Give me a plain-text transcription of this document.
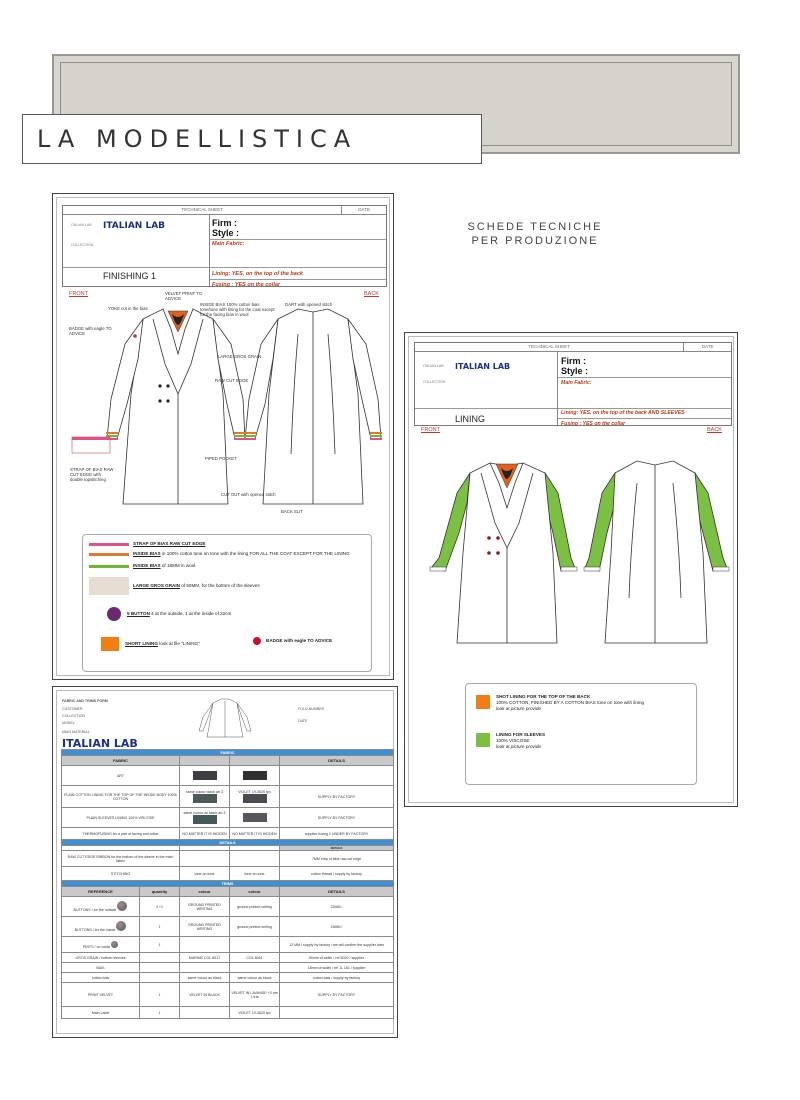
LA MODELLISTICA
SCHEDE TECNICHE
PER PRODUZIONE
TECHNICAL SHEET	DATE
ITALIAN LAB ITALIAN LAB
COLLECTION
FINISHING 1
Firm :
Style :
Main Fabric:
Lining: YES, on the top of the back
Fusing : YES on the collar
FRONT	BACK
YOKE cut in the bias
BADGE with eagle TO ADVICE
VELVET PRINT TO ADVICE
INSIDE BIAS 100% cotton bias tone/tone with lining for the coat except for the facing bias in wool
DART with opened stitch
LARGE GROS GRAIN
RAW CUT EDGE
PIPED POCKET
STRAP OF BIAS RAW CUT EDGE with double topstitching
CUT OUT with opened stitch
BACK SLIT
STRAP OF BIAS RAW CUT EDGE
INSIDE BIAS in 100% cotton tone on tone with the lining FOR ALL THE COAT EXCEPT FOR THE LINING
INSIDE BIAS of 18MM in wool
LARGE GROS GRAIN of 50MM, for the bottom of the sleeves
5 BUTTON 4 at the outside, 1 at the inside of 22cm
SHORT LINING look at file "LINING"
BADGE with eagle TO ADVICE
TECHNICAL SHEET	DATE
ITALIAN LAB ITALIAN LAB
COLLECTION
LINING
Firm :
Style :
Main Fabric:
Lining: YES, on the top of the back AND SLEEVES
Fusing : YES on the collar
FRONT	BACK
SHOT LINING FOR THE TOP OF THE BACK
100% COTTON, FINISHED BY A COTTON BIAS tone on tone with lining
look at picture provide
LINING FOR SLEEVES
100% VISCOSE
look at picture provide
FABRIC AND TRIMS FORM
CUSTOMER
COLLECTION
MODEL
MAIN MATERIAL
FOLD NUMBER
DATE
ITALIAN LAB
FABRIC				
FABRIC				DETAILS
ART				
PLAIN COTTON LINING FOR THE TOP OF THE INSIDE BODY 100% COTTON		same colour black art 3	VIOLET 19-3620 tpx	SUPPLY BY FACTORY
PLAIN SLEEVES LINING 100% VISCOSE		same colour as black art 3		SUPPLY BY FACTORY
THERMOFUSING for a part of facing and collar		NO MATTER IT IS HIDDEN	NO MATTER IT IS HIDDEN	supplier fusing 1 UNDER BY FACTORY
DETAILS				
				DETAILS
RAW CUT EDGE RIBBON for the bottom of the sleeve in the main fabric				7MM strip of blue raw cut edge
STITCHING		tone on tone	tone on tone	cotton thread / supply by factory
TRIMS				
REFERENCE	quantity	colour	colour	DETAILS
BUTTONS / for the outside	4 +1	GROUND PRINTED WRITING	ground printed writing	22MM /
BUTTONS / for the inside	1	GROUND PRINTED WRITING	ground printed writing	15MM /
PINTS / on collar	1			12 MM / supply by factory / we will confirm the supplier later
GROS GRAIN / bottom sleeves		MARINE COL 8017	COL 8061	50mm of width / ref 5029 / supplier
BIAS				18mm of width / ref 11 161 / supplier
cotton bais		same colour as black	same colour as black	cotton bais / supply by factory
PRINT VELVET	1	VELVET IN BLACK	VELVET IN LAVANDE +3 dm 1 trts	SUPPLY BY FACTORY
Main Label	1		VIOLET 19-3620 tpx	
